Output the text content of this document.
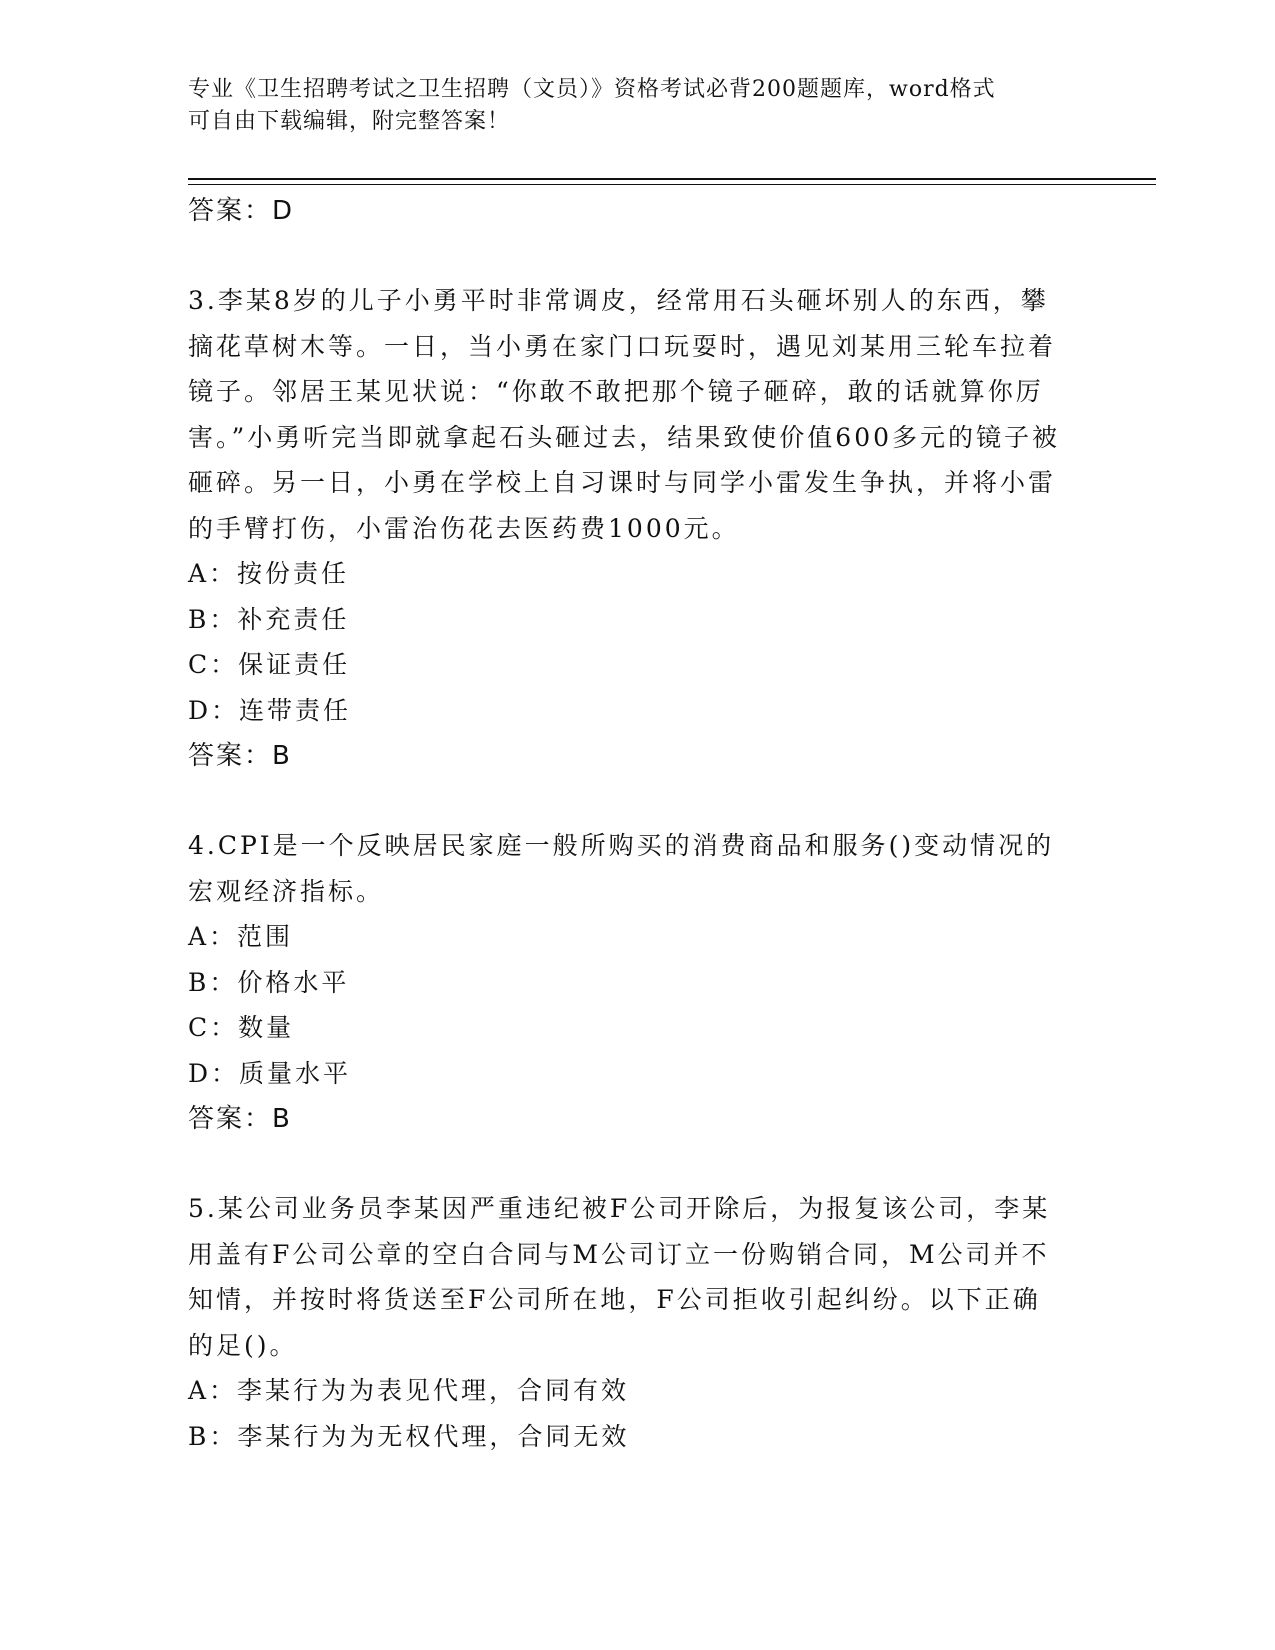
专业《卫生招聘考试之卫生招聘（文员）》资格考试必背200题题库，word格式
可自由下载编辑，附完整答案！
答案：D
3.李某8岁的儿子小勇平时非常调皮，经常用石头砸坏别人的东西，攀摘花草树木等。一日，当小勇在家门口玩耍时，遇见刘某用三轮车拉着镜子。邻居王某见状说：“你敢不敢把那个镜子砸碎，敢的话就算你厉害。”小勇听完当即就拿起石头砸过去，结果致使价值600多元的镜子被砸碎。另一日，小勇在学校上自习课时与同学小雷发生争执，并将小雷的手臂打伤，小雷治伤花去医药费1000元。
A：按份责任
B：补充责任
C：保证责任
D：连带责任
答案：B
4.CPI是一个反映居民家庭一般所购买的消费商品和服务()变动情况的宏观经济指标。
A：范围
B：价格水平
C：数量
D：质量水平
答案：B
5.某公司业务员李某因严重违纪被F公司开除后，为报复该公司，李某用盖有F公司公章的空白合同与M公司订立一份购销合同，M公司并不知情，并按时将货送至F公司所在地，F公司拒收引起纠纷。以下正确的足()。
A：李某行为为表见代理，合同有效
B：李某行为为无权代理，合同无效
